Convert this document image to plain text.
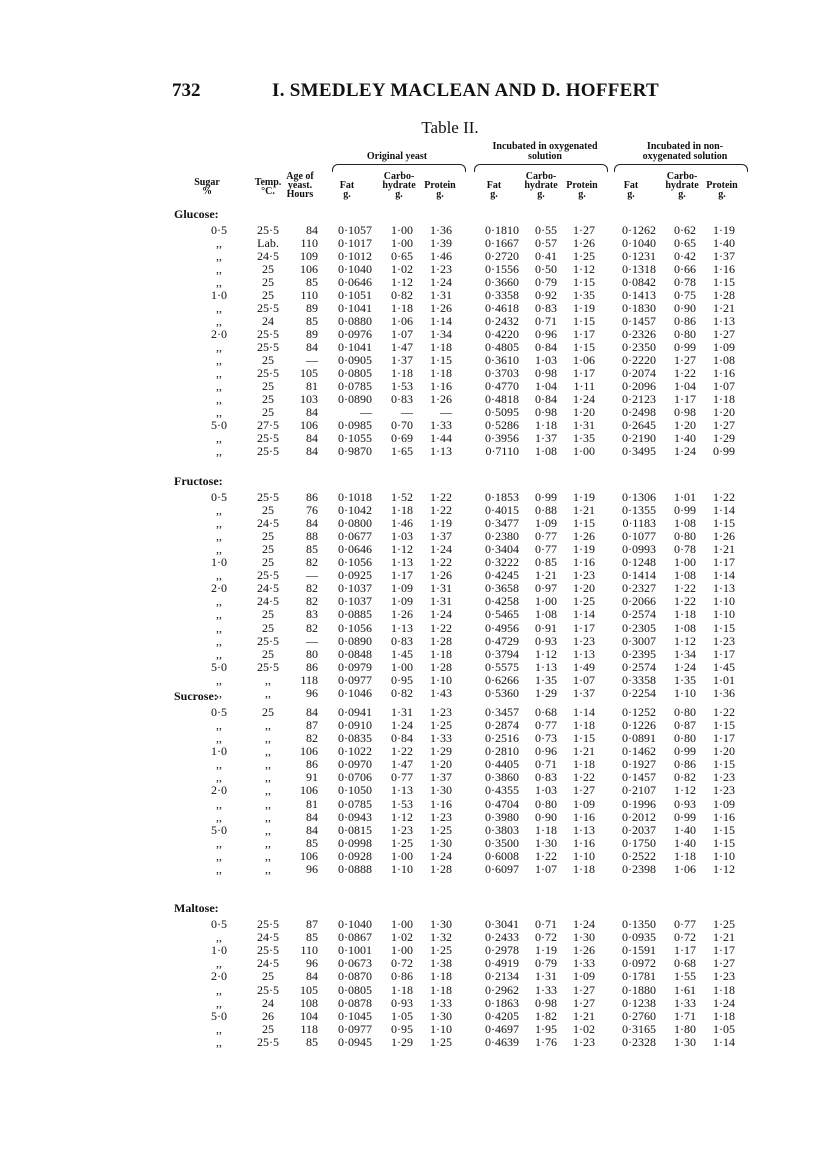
732	I. SMEDLEY MACLEAN AND D. HOFFERT
Table II.
Original yeast
Incubated in oxygenated
solution
Incubated in non-
oxygenated solution
Sugar
%
Temp.
°C.
Age of
yeast.
Hours
Fat
g.
Carbo-
hydrate
g.
Protein
g.
Fat
g.
Carbo-
hydrate
g.
Protein
g.
Fat
g.
Carbo-
hydrate
g.
Protein
g.
Glucose:
0·5	25·5	84 0·1057 1·00 1·36	0·1810 0·55 1·27 0·1262 0·62 1·19
,,	Lab.	110 0·1017 1·00 1·39	0·1667 0·57 1·26 0·1040 0·65 1·40
,,	24·5	109 0·1012 0·65 1·46	0·2720 0·41 1·25 0·1231 0·42 1·37
,,	25	106 0·1040 1·02 1·23	0·1556 0·50 1·12 0·1318 0·66 1·16
,,	25	85 0·0646 1·12 1·24	0·3660 0·79 1·15 0·0842 0·78 1·15
1·0	25	110 0·1051 0·82 1·31	0·3358 0·92 1·35 0·1413 0·75 1·28
,,	25·5	89 0·1041 1·18 1·26	0·4618 0·83 1·19 0·1830 0·90 1·21
,,	24	85 0·0880 1·06 1·14	0·2432 0·71 1·15 0·1457 0·86 1·13
2·0	25·5	89 0·0976 1·07 1·34	0·4220 0·96 1·17 0·2326 0·80 1·27
,,	25·5	84 0·1041 1·47 1·18	0·4805 0·84 1·15 0·2350 0·99 1·09
,,	25	— 0·0905 1·37 1·15	0·3610 1·03 1·06 0·2220 1·27 1·08
,,	25·5	105 0·0805 1·18 1·18	0·3703 0·98 1·17 0·2074 1·22 1·16
,,	25	81 0·0785 1·53 1·16	0·4770 1·04 1·11 0·2096 1·04 1·07
,,	25	103 0·0890 0·83 1·26	0·4818 0·84 1·24 0·2123 1·17 1·18
,,	25	84	— — —	0·5095 0·98 1·20 0·2498 0·98 1·20
5·0	27·5	106 0·0985 0·70 1·33	0·5286 1·18 1·31 0·2645 1·20 1·27
,,	25·5	84 0·1055 0·69 1·44	0·3956 1·37 1·35 0·2190 1·40 1·29
,,	25·5	84 0·9870 1·65 1·13	0·7110 1·08 1·00 0·3495 1·24 0·99
Fructose:
0·5	25·5	86 0·1018 1·52 1·22	0·1853 0·99 1·19 0·1306 1·01 1·22
,,	25	76 0·1042 1·18 1·22	0·4015 0·88 1·21 0·1355 0·99 1·14
,,	24·5	84 0·0800 1·46 1·19	0·3477 1·09 1·15 0·1183 1·08 1·15
,,	25	88 0·0677 1·03 1·37	0·2380 0·77 1·26 0·1077 0·80 1·26
,,	25	85 0·0646 1·12 1·24	0·3404 0·77 1·19 0·0993 0·78 1·21
1·0	25	82 0·1056 1·13 1·22	0·3222 0·85 1·16 0·1248 1·00 1·17
,,	25·5	— 0·0925 1·17 1·26	0·4245 1·21 1·23 0·1414 1·08 1·14
2·0	24·5	82 0·1037 1·09 1·31	0·3658 0·97 1·20 0·2327 1·22 1·13
,,	24·5	82 0·1037 1·09 1·31	0·4258 1·00 1·25 0·2066 1·22 1·10
,,	25	83 0·0885 1·26 1·24	0·5465 1·08 1·14 0·2574 1·18 1·10
,,	25	82 0·1056 1·13 1·22	0·4956 0·91 1·17 0·2305 1·08 1·15
,,	25·5	— 0·0890 0·83 1·28	0·4729 0·93 1·23 0·3007 1·12 1·23
,,	25	80 0·0848 1·45 1·18	0·3794 1·12 1·13 0·2395 1·34 1·17
5·0	25·5	86 0·0979 1·00 1·28	0·5575 1·13 1·49 0·2574 1·24 1·45
,,	,,	118 0·0977 0·95 1·10	0·6266 1·35 1·07 0·3358 1·35 1·01
,,	,,	96 0·1046 0·82 1·43	0·5360 1·29 1·37 0·2254 1·10 1·36
Sucrose:
0·5	25	84 0·0941 1·31 1·23	0·3457 0·68 1·14 0·1252 0·80 1·22
,,	,,	87 0·0910 1·24 1·25	0·2874 0·77 1·18 0·1226 0·87 1·15
,,	,,	82 0·0835 0·84 1·33	0·2516 0·73 1·15 0·0891 0·80 1·17
1·0	,,	106 0·1022 1·22 1·29	0·2810 0·96 1·21 0·1462 0·99 1·20
,,	,,	86 0·0970 1·47 1·20	0·4405 0·71 1·18 0·1927 0·86 1·15
,,	,,	91 0·0706 0·77 1·37	0·3860 0·83 1·22 0·1457 0·82 1·23
2·0	,,	106 0·1050 1·13 1·30	0·4355 1·03 1·27 0·2107 1·12 1·23
,,	,,	81 0·0785 1·53 1·16	0·4704 0·80 1·09 0·1996 0·93 1·09
,,	,,	84 0·0943 1·12 1·23	0·3980 0·90 1·16 0·2012 0·99 1·16
5·0	,,	84 0·0815 1·23 1·25	0·3803 1·18 1·13 0·2037 1·40 1·15
,,	,,	85 0·0998 1·25 1·30	0·3500 1·30 1·16 0·1750 1·40 1·15
,,	,,	106 0·0928 1·00 1·24	0·6008 1·22 1·10 0·2522 1·18 1·10
,,	,,	96 0·0888 1·10 1·28	0·6097 1·07 1·18 0·2398 1·06 1·12
Maltose:
0·5	25·5	87 0·1040 1·00 1·30	0·3041 0·71 1·24 0·1350 0·77 1·25
,,	24·5	85 0·0867 1·02 1·32	0·2433 0·72 1·30 0·0935 0·72 1·21
1·0	25·5	110 0·1001 1·00 1·25	0·2978 1·19 1·26 0·1591 1·17 1·17
,,	24·5	96 0·0673 0·72 1·38	0·4919 0·79 1·33 0·0972 0·68 1·27
2·0	25	84 0·0870 0·86 1·18	0·2134 1·31 1·09 0·1781 1·55 1·23
,,	25·5	105 0·0805 1·18 1·18	0·2962 1·33 1·27 0·1880 1·61 1·18
,,	24	108 0·0878 0·93 1·33	0·1863 0·98 1·27 0·1238 1·33 1·24
5·0	26	104 0·1045 1·05 1·30	0·4205 1·82 1·21 0·2760 1·71 1·18
,,	25	118 0·0977 0·95 1·10	0·4697 1·95 1·02 0·3165 1·80 1·05
,,	25·5	85 0·0945 1·29 1·25	0·4639 1·76 1·23 0·2328 1·30 1·14
